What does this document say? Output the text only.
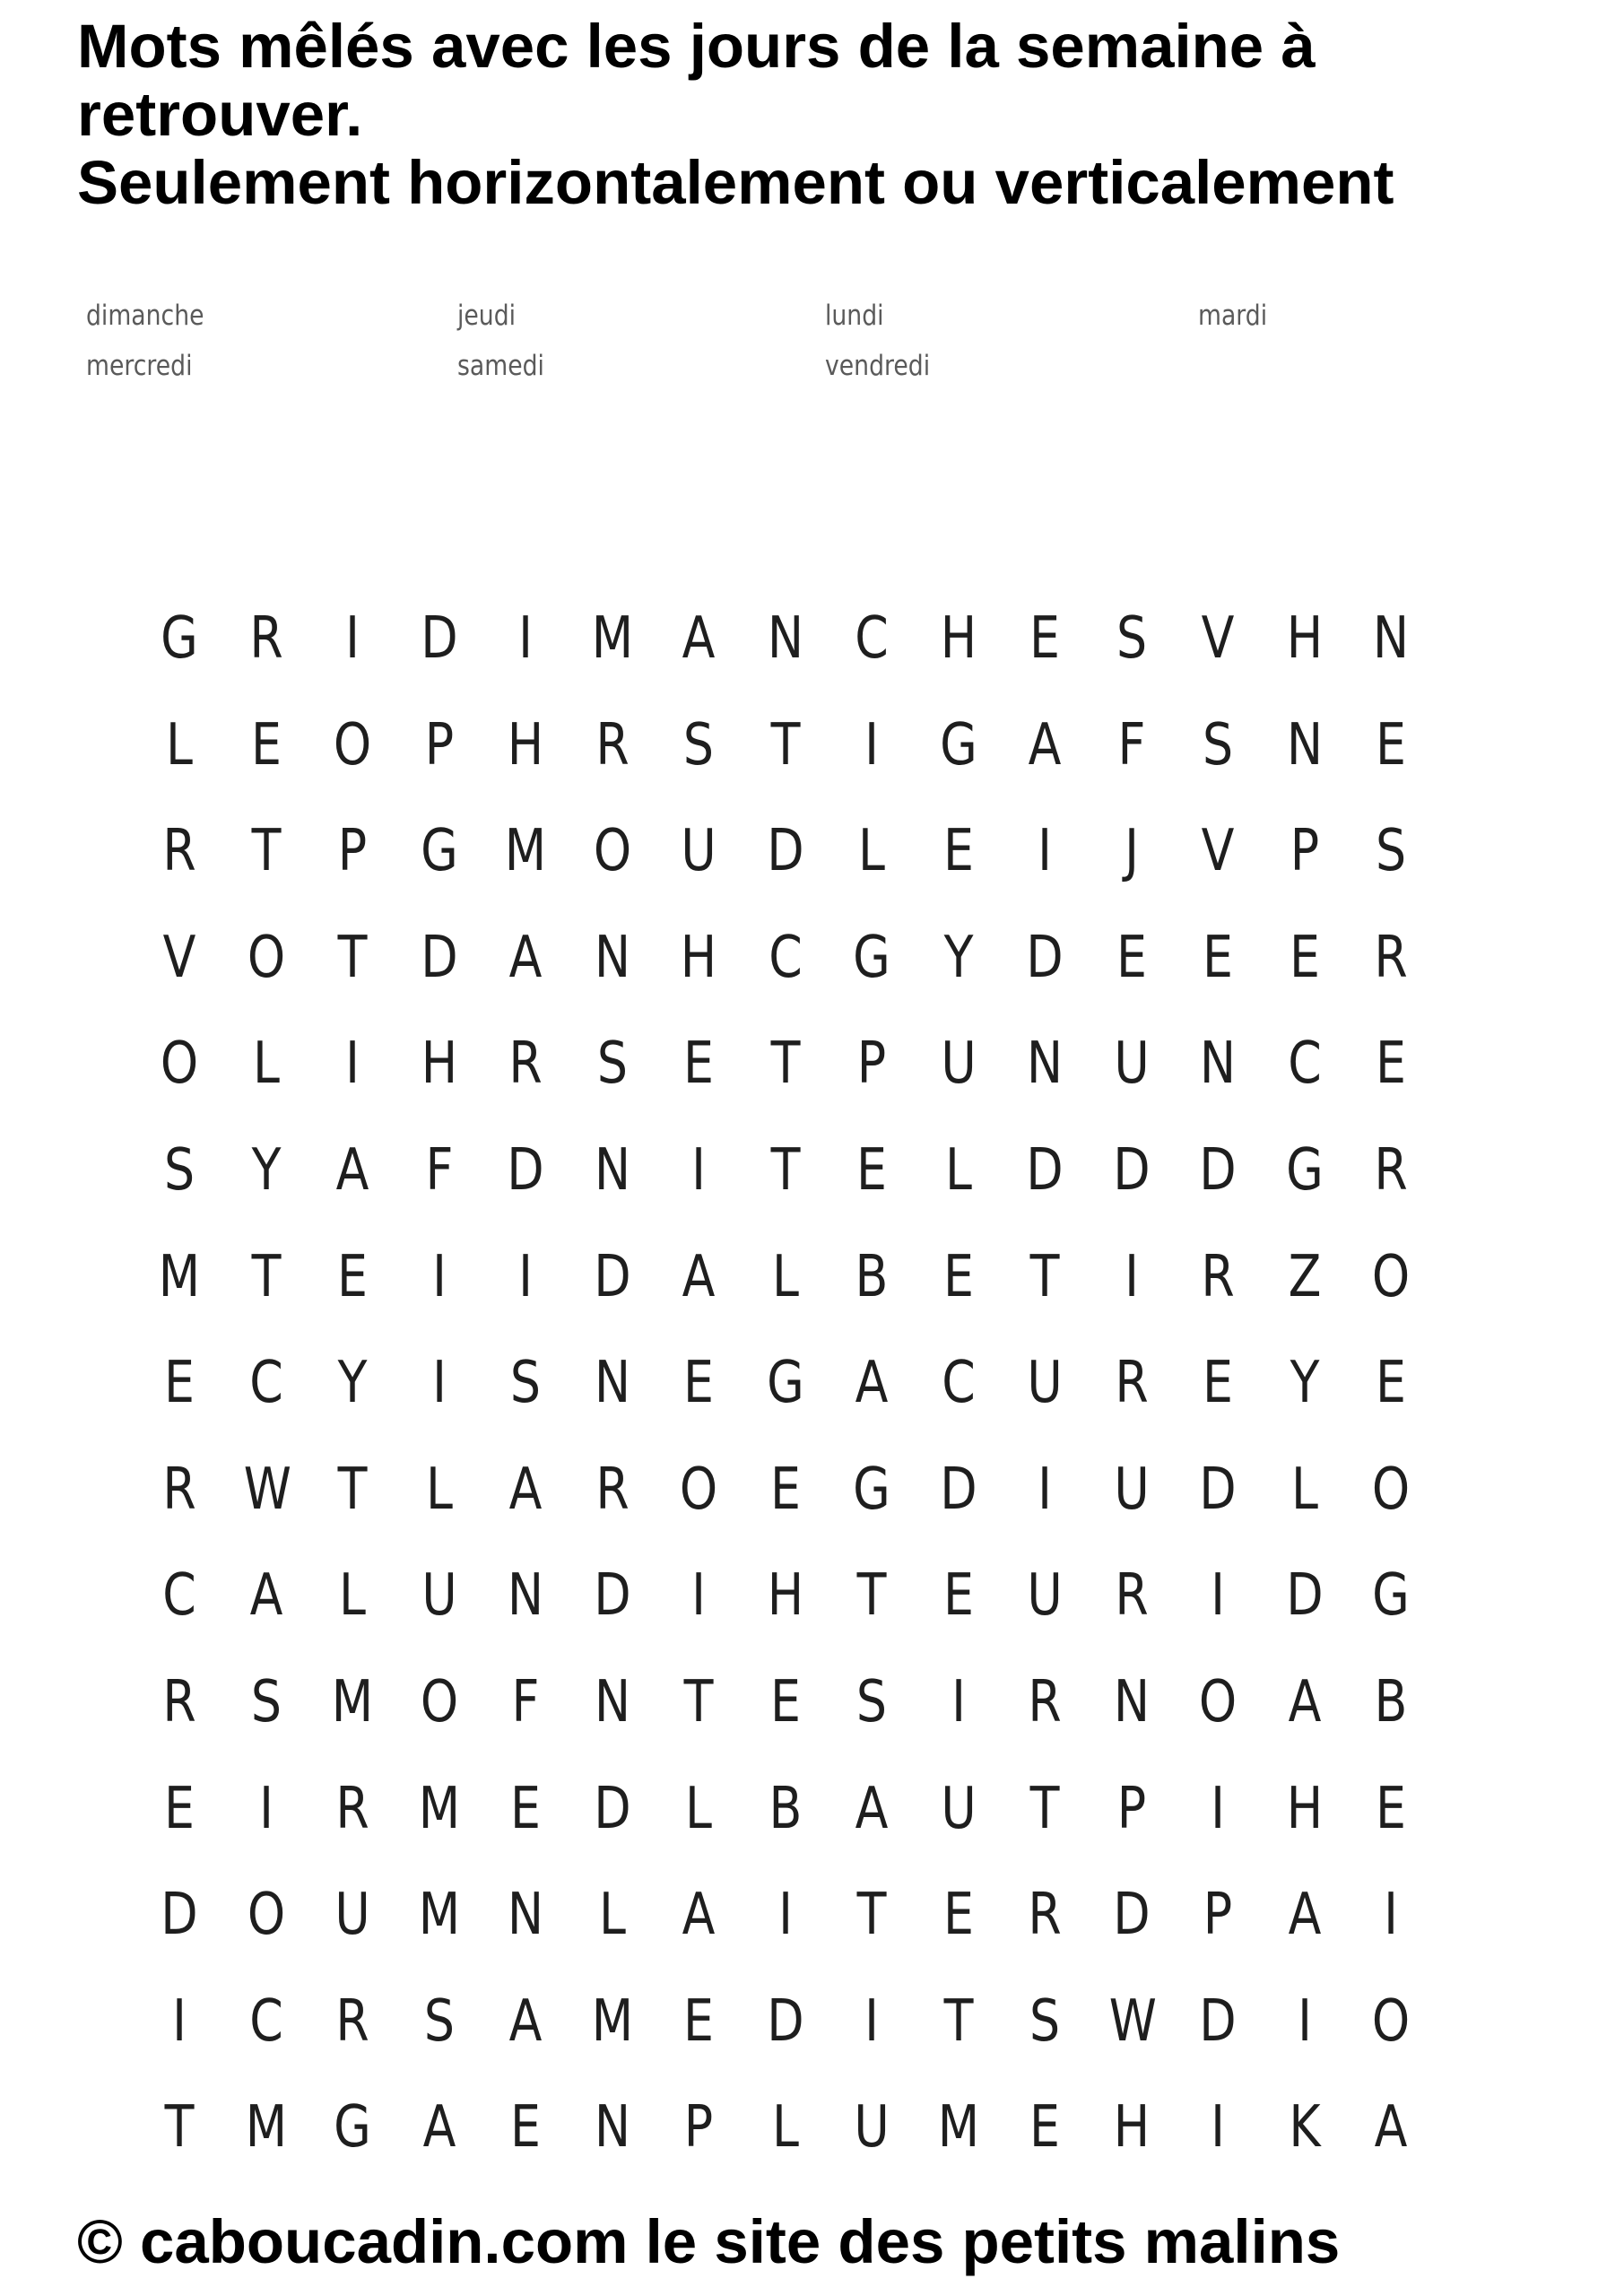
Mots mêlés avec les jours de la semaine à
retrouver.
Seulement horizontalement ou verticalement
dimanche	jeudi	lundi	mardi
mercredi	samedi	vendredi
G R I D I M A N C H E S V H N
L E O P H R S T I G A F S N E
R T P G M O U D L E I J V P S
V O T D A N H C G Y D E E E R
O L I H R S E T P U N U N C E
S Y A F D N I T E L D D D G R
M T E I I D A L B E T I R Z O
E C Y I S N E G A C U R E Y E
R W T L A R O E G D I U D L O
C A L U N D I H T E U R I D G
R S M O F N T E S I R N O A B
E I R M E D L B A U T P I H E
D O U M N L A I T E R D P A I
I C R S A M E D I T S W D I O
T M G A E N P L U M E H I K A
© caboucadin.com le site des petits malins
